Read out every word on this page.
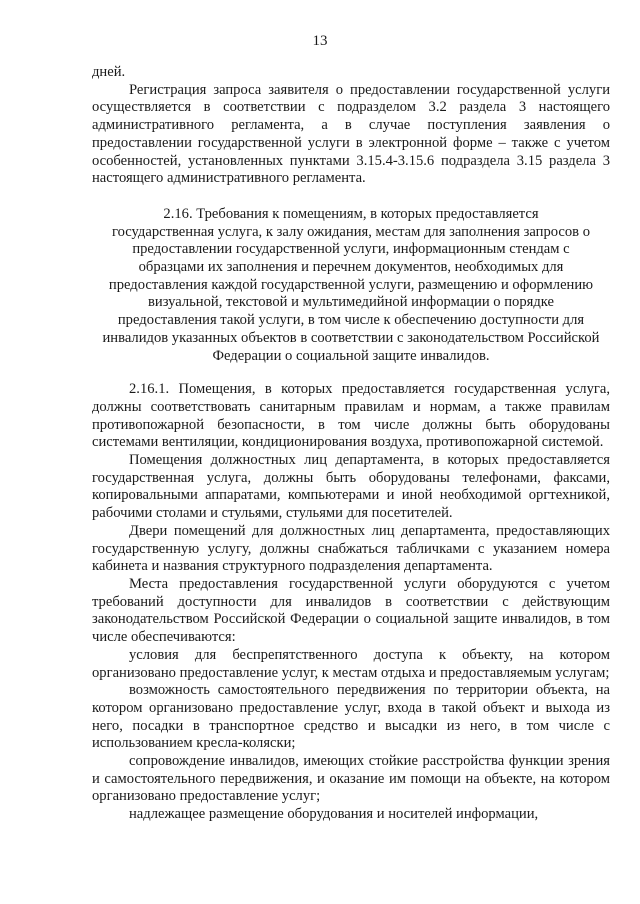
13

дней.

Регистрация запроса заявителя о предоставлении государственной услуги осуществляется в соответствии с подразделом 3.2 раздела 3 настоящего административного регламента, а в случае поступления заявления о предоставлении государственной услуги в электронной форме – также с учетом особенностей, установленных пунктами 3.15.4-3.15.6 подраздела 3.15 раздела 3 настоящего административного регламента.

2.16. Требования к помещениям, в которых предоставляется
государственная услуга, к залу ожидания, местам для заполнения запросов о
предоставлении государственной услуги, информационным стендам с
образцами их заполнения и перечнем документов, необходимых для
предоставления каждой государственной услуги, размещению и оформлению
визуальной, текстовой и мультимедийной информации о порядке
предоставления такой услуги, в том числе к обеспечению доступности для
инвалидов указанных объектов в соответствии с законодательством Российской
Федерации о социальной защите инвалидов.

2.16.1. Помещения, в которых предоставляется государственная услуга, должны соответствовать санитарным правилам и нормам, а также правилам противопожарной безопасности, в том числе должны быть оборудованы системами вентиляции, кондиционирования воздуха, противопожарной системой.

Помещения должностных лиц департамента, в которых предоставляется государственная услуга, должны быть оборудованы телефонами, факсами, копировальными аппаратами, компьютерами и иной необходимой оргтехникой, рабочими столами и стульями, стульями для посетителей.

Двери помещений для должностных лиц департамента, предоставляющих государственную услугу, должны снабжаться табличками с указанием номера кабинета и названия структурного подразделения департамента.

Места предоставления государственной услуги оборудуются с учетом требований доступности для инвалидов в соответствии с действующим законодательством Российской Федерации о социальной защите инвалидов, в том числе обеспечиваются:

условия для беспрепятственного доступа к объекту, на котором организовано предоставление услуг, к местам отдыха и предоставляемым услугам;

возможность самостоятельного передвижения по территории объекта, на котором организовано предоставление услуг, входа в такой объект и выхода из него, посадки в транспортное средство и высадки из него, в том числе с использованием кресла-коляски;

сопровождение инвалидов, имеющих стойкие расстройства функции зрения и самостоятельного передвижения, и оказание им помощи на объекте, на котором организовано предоставление услуг;

надлежащее размещение оборудования и носителей информации,
